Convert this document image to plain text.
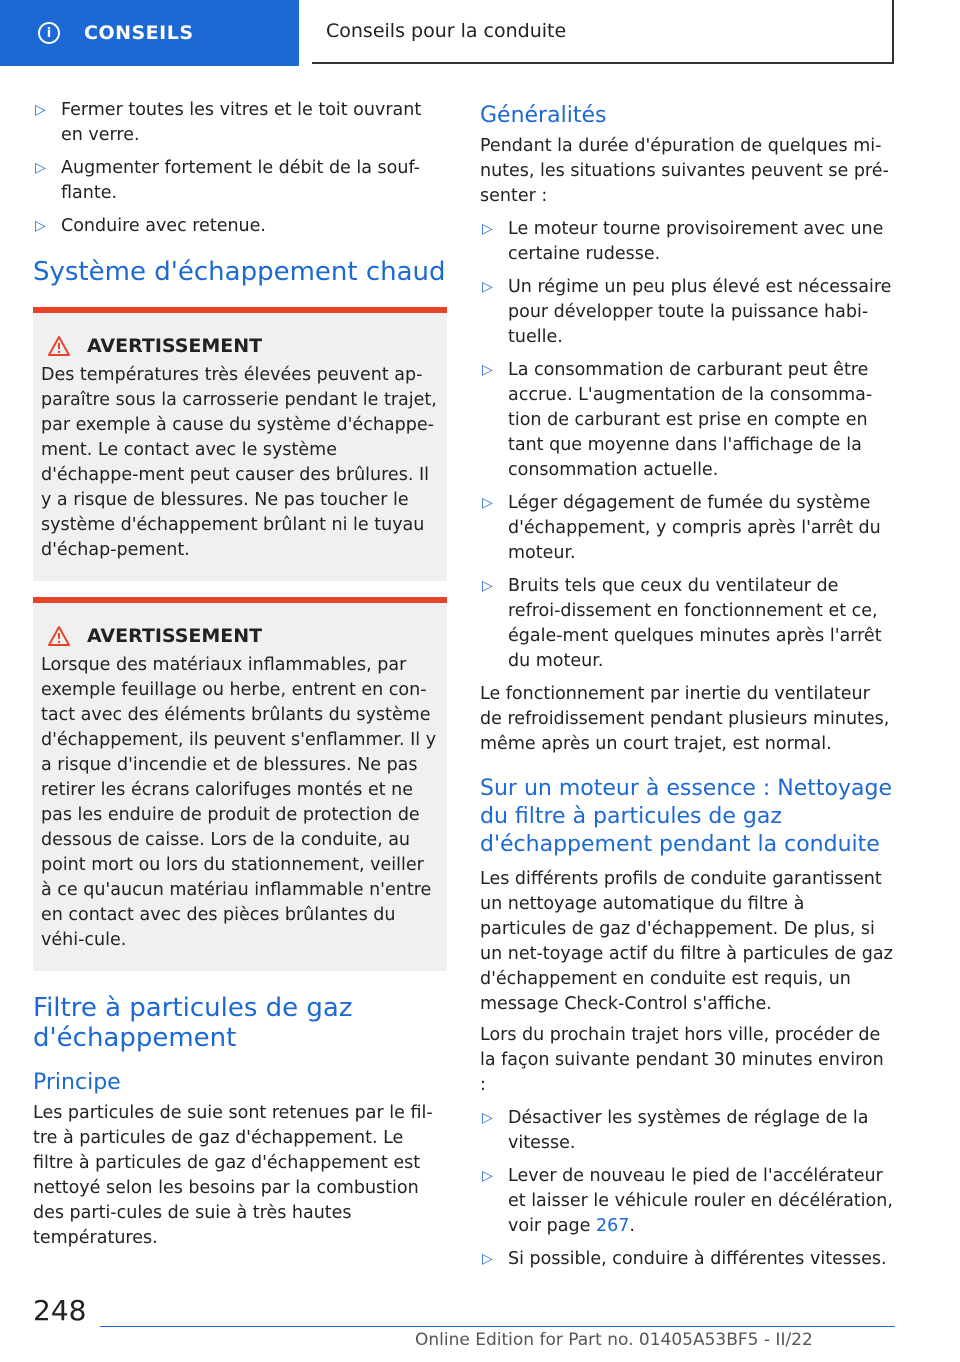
i	CONSEILS	Conseils pour la conduite
▷ Fermer toutes les vitres et le toit ouvrant en verre.
▷ Augmenter fortement le débit de la souf-flante.
▷ Conduire avec retenue.
Système d'échappement chaud
AVERTISSEMENT

Des températures très élevées peuvent ap-paraître sous la carrosserie pendant le trajet, par exemple à cause du système d'échappe-ment. Le contact avec le système d'échappe-ment peut causer des brûlures. Il y a risque de blessures. Ne pas toucher le système d'échappement brûlant ni le tuyau d'échap-pement.

AVERTISSEMENT

Lorsque des matériaux inflammables, par exemple feuillage ou herbe, entrent en con-tact avec des éléments brûlants du système d'échappement, ils peuvent s'enflammer. Il y a risque d'incendie et de blessures. Ne pas retirer les écrans calorifuges montés et ne pas les enduire de produit de protection de dessous de caisse. Lors de la conduite, au point mort ou lors du stationnement, veiller à ce qu'aucun matériau inflammable n'entre en contact avec des pièces brûlantes du véhi-cule.

Filtre à particules de gaz d'échappement
Principe

Les particules de suie sont retenues par le fil-tre à particules de gaz d'échappement. Le filtre à particules de gaz d'échappement est nettoyé selon les besoins par la combustion des parti-cules de suie à très hautes températures.

Généralités

Pendant la durée d'épuration de quelques mi-nutes, les situations suivantes peuvent se pré-senter :

▷ Le moteur tourne provisoirement avec une certaine rudesse.
▷ Un régime un peu plus élevé est nécessaire pour développer toute la puissance habi-tuelle.
▷ La consommation de carburant peut être accrue. L'augmentation de la consomma-tion de carburant est prise en compte en tant que moyenne dans l'affichage de la consommation actuelle.
▷ Léger dégagement de fumée du système d'échappement, y compris après l'arrêt du moteur.
▷ Bruits tels que ceux du ventilateur de refroi-dissement en fonctionnement et ce, égale-ment quelques minutes après l'arrêt du moteur.

Le fonctionnement par inertie du ventilateur de refroidissement pendant plusieurs minutes, même après un court trajet, est normal.

Sur un moteur à essence : Nettoyage du filtre à particules de gaz d'échappement pendant la conduite

Les différents profils de conduite garantissent un nettoyage automatique du filtre à particules de gaz d'échappement. De plus, si un net-toyage actif du filtre à particules de gaz d'échappement en conduite est requis, un message Check-Control s'affiche.

Lors du prochain trajet hors ville, procéder de la façon suivante pendant 30 minutes environ :

▷ Désactiver les systèmes de réglage de la vitesse.
▷ Lever de nouveau le pied de l'accélérateur et laisser le véhicule rouler en décélération, voir page 267.
▷ Si possible, conduire à différentes vitesses.
248
Online Edition for Part no. 01405A53BF5 - II/22
